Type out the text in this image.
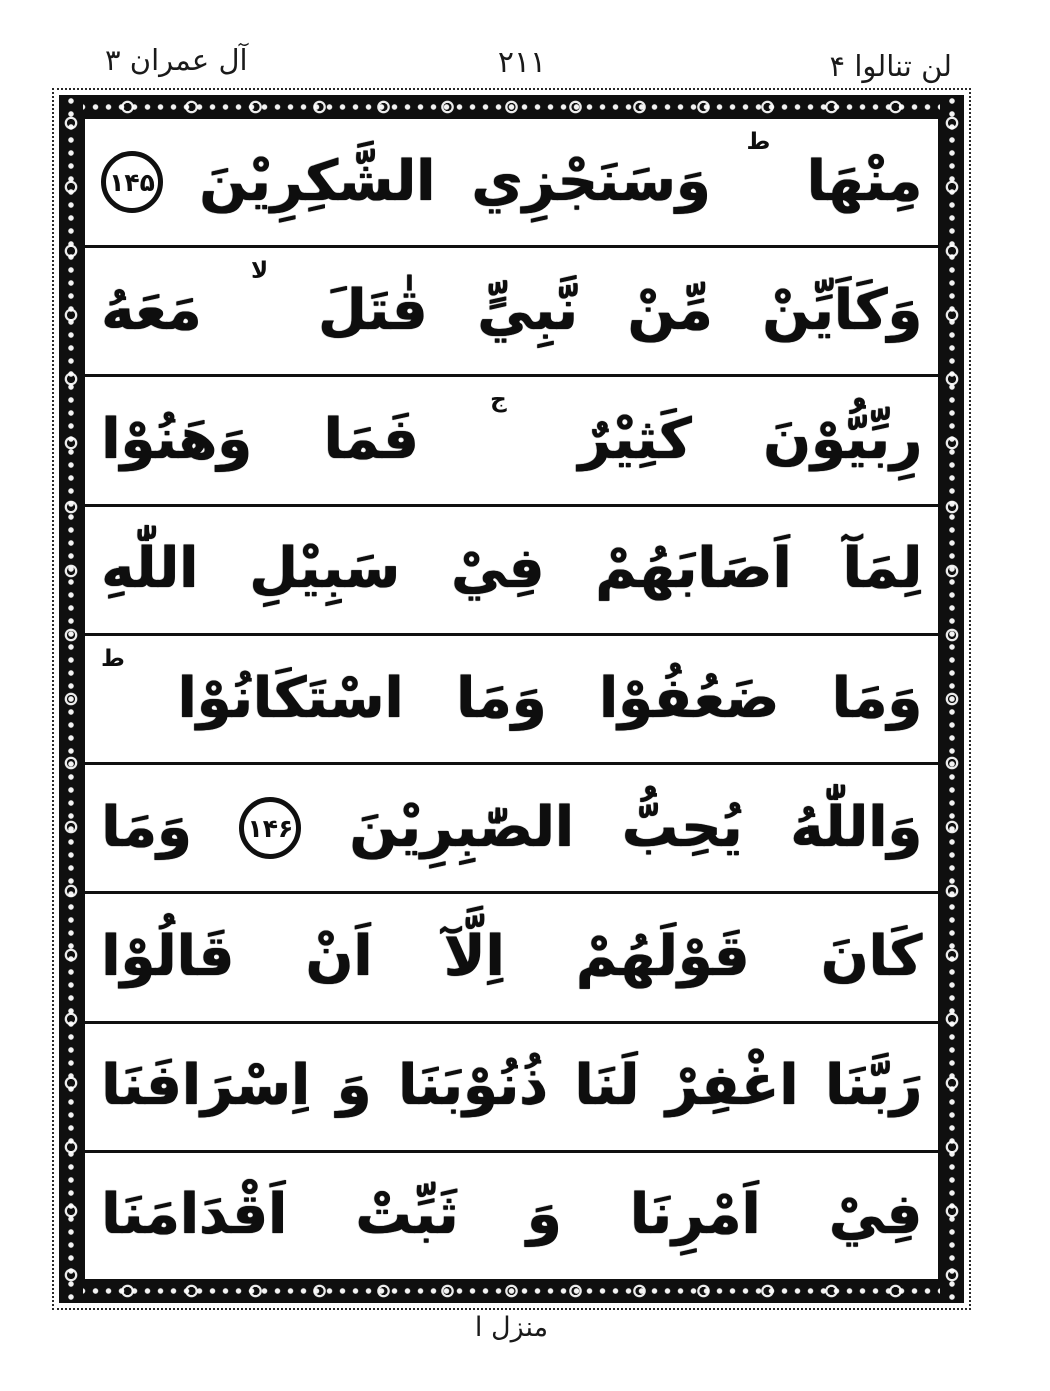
آل عمران ۳	۲۱۱	لن تنالوا ۴
مِنْهَا
ط
وَسَنَجْزِي
الشَّكِرِيْنَ
۱۴۵
وَكَاَيِّنْ
مِّنْ
نَّبِيٍّ
قٰتَلَ
لا
مَعَهُ
رِبِّيُّوْنَ
كَثِيْرٌ
ج
فَمَا
وَهَنُوْا
لِمَآ
اَصَابَهُمْ
فِيْ
سَبِيْلِ
اللّٰهِ
وَمَا
ضَعُفُوْا
وَمَا
اسْتَكَانُوْا
ط
وَاللّٰهُ
يُحِبُّ
الصّٰبِرِيْنَ
۱۴۶
وَمَا
كَانَ
قَوْلَهُمْ
اِلَّآ
اَنْ
قَالُوْا
رَبَّنَا
اغْفِرْ
لَنَا
ذُنُوْبَنَا
وَ
اِسْرَافَنَا
فِيْ
اَمْرِنَا
وَ
ثَبِّتْ
اَقْدَامَنَا
منزل ا
